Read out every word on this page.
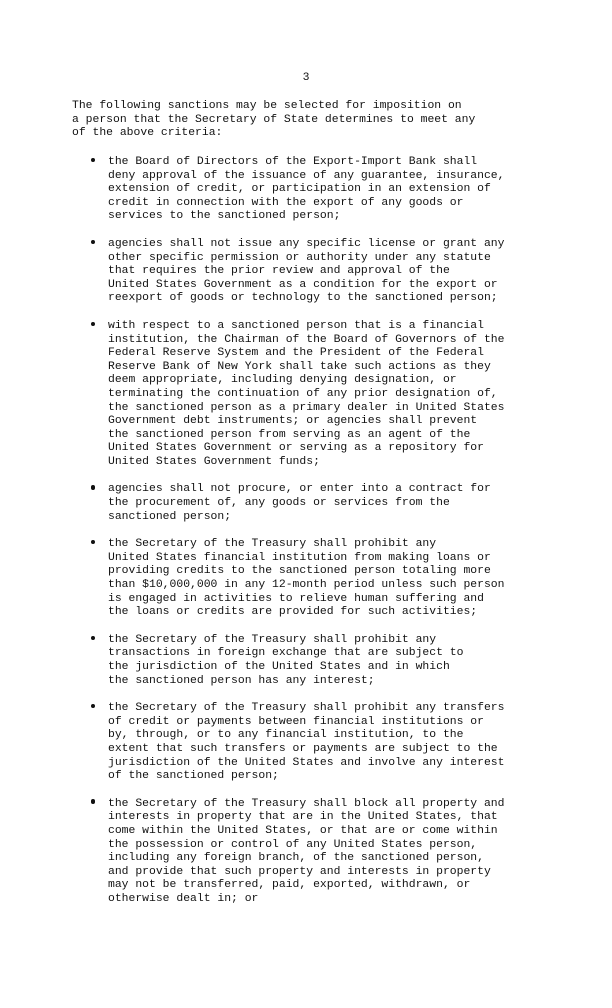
3
The following sanctions may be selected for imposition on
a person that the Secretary of State determines to meet any
of the above criteria:
the Board of Directors of the Export-Import Bank shall
deny approval of the issuance of any guarantee, insurance,
extension of credit, or participation in an extension of
credit in connection with the export of any goods or
services to the sanctioned person;
agencies shall not issue any specific license or grant any
other specific permission or authority under any statute
that requires the prior review and approval of the
United States Government as a condition for the export or
reexport of goods or technology to the sanctioned person;
with respect to a sanctioned person that is a financial
institution, the Chairman of the Board of Governors of the
Federal Reserve System and the President of the Federal
Reserve Bank of New York shall take such actions as they
deem appropriate, including denying designation, or
terminating the continuation of any prior designation of,
the sanctioned person as a primary dealer in United States
Government debt instruments; or agencies shall prevent
the sanctioned person from serving as an agent of the
United States Government or serving as a repository for
United States Government funds;
agencies shall not procure, or enter into a contract for
the procurement of, any goods or services from the
sanctioned person;
the Secretary of the Treasury shall prohibit any
United States financial institution from making loans or
providing credits to the sanctioned person totaling more
than $10,000,000 in any 12-month period unless such person
is engaged in activities to relieve human suffering and
the loans or credits are provided for such activities;
the Secretary of the Treasury shall prohibit any
transactions in foreign exchange that are subject to
the jurisdiction of the United States and in which
the sanctioned person has any interest;
the Secretary of the Treasury shall prohibit any transfers
of credit or payments between financial institutions or
by, through, or to any financial institution, to the
extent that such transfers or payments are subject to the
jurisdiction of the United States and involve any interest
of the sanctioned person;
the Secretary of the Treasury shall block all property and
interests in property that are in the United States, that
come within the United States, or that are or come within
the possession or control of any United States person,
including any foreign branch, of the sanctioned person,
and provide that such property and interests in property
may not be transferred, paid, exported, withdrawn, or
otherwise dealt in; or
